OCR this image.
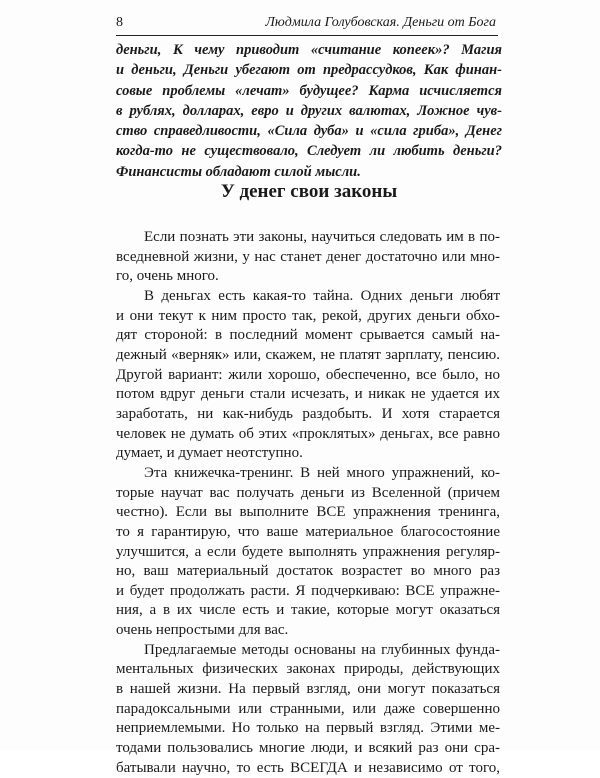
8	Людмила Голубовская. Деньги от Бога
деньги, К чему приводит «считание копеек»? Магия
и деньги, Деньги убегают от предрассудков, Как финан-
совые проблемы «лечат» будущее? Карма исчисляется
в рублях, долларах, евро и других валютах, Ложное чув-
ство справедливости, «Сила дуба» и «сила гриба», Денег
когда-то не существовало, Следует ли любить деньги?
Финансисты обладают силой мысли.
У денег свои законы
Если познать эти законы, научиться следовать им в по-
вседневной жизни, у нас станет денег достаточно или мно-
го, очень много.
В деньгах есть какая-то тайна. Одних деньги любят
и они текут к ним просто так, рекой, других деньги обхо-
дят стороной: в последний момент срывается самый на-
дежный «верняк» или, скажем, не платят зарплату, пенсию.
Другой вариант: жили хорошо, обеспеченно, все было, но
потом вдруг деньги стали исчезать, и никак не удается их
заработать, ни как-нибудь раздобыть. И хотя старается
человек не думать об этих «проклятых» деньгах, все равно
думает, и думает неотступно.
Эта книжечка-тренинг. В ней много упражнений, ко-
торые научат вас получать деньги из Вселенной (причем
честно). Если вы выполните ВСЕ упражнения тренинга,
то я гарантирую, что ваше материальное благосостояние
улучшится, а если будете выполнять упражнения регуляр-
но, ваш материальный достаток возрастет во много раз
и будет продолжать расти. Я подчеркиваю: ВСЕ упражне-
ния, а в их числе есть и такие, которые могут оказаться
очень непростыми для вас.
Предлагаемые методы основаны на глубинных фунда-
ментальных физических законах природы, действующих
в нашей жизни. На первый взгляд, они могут показаться
парадоксальными или странными, или даже совершенно
неприемлемыми. Но только на первый взгляд. Этими ме-
тодами пользовались многие люди, и всякий раз они сра-
батывали научно, то есть ВСЕГДА и независимо от того,
